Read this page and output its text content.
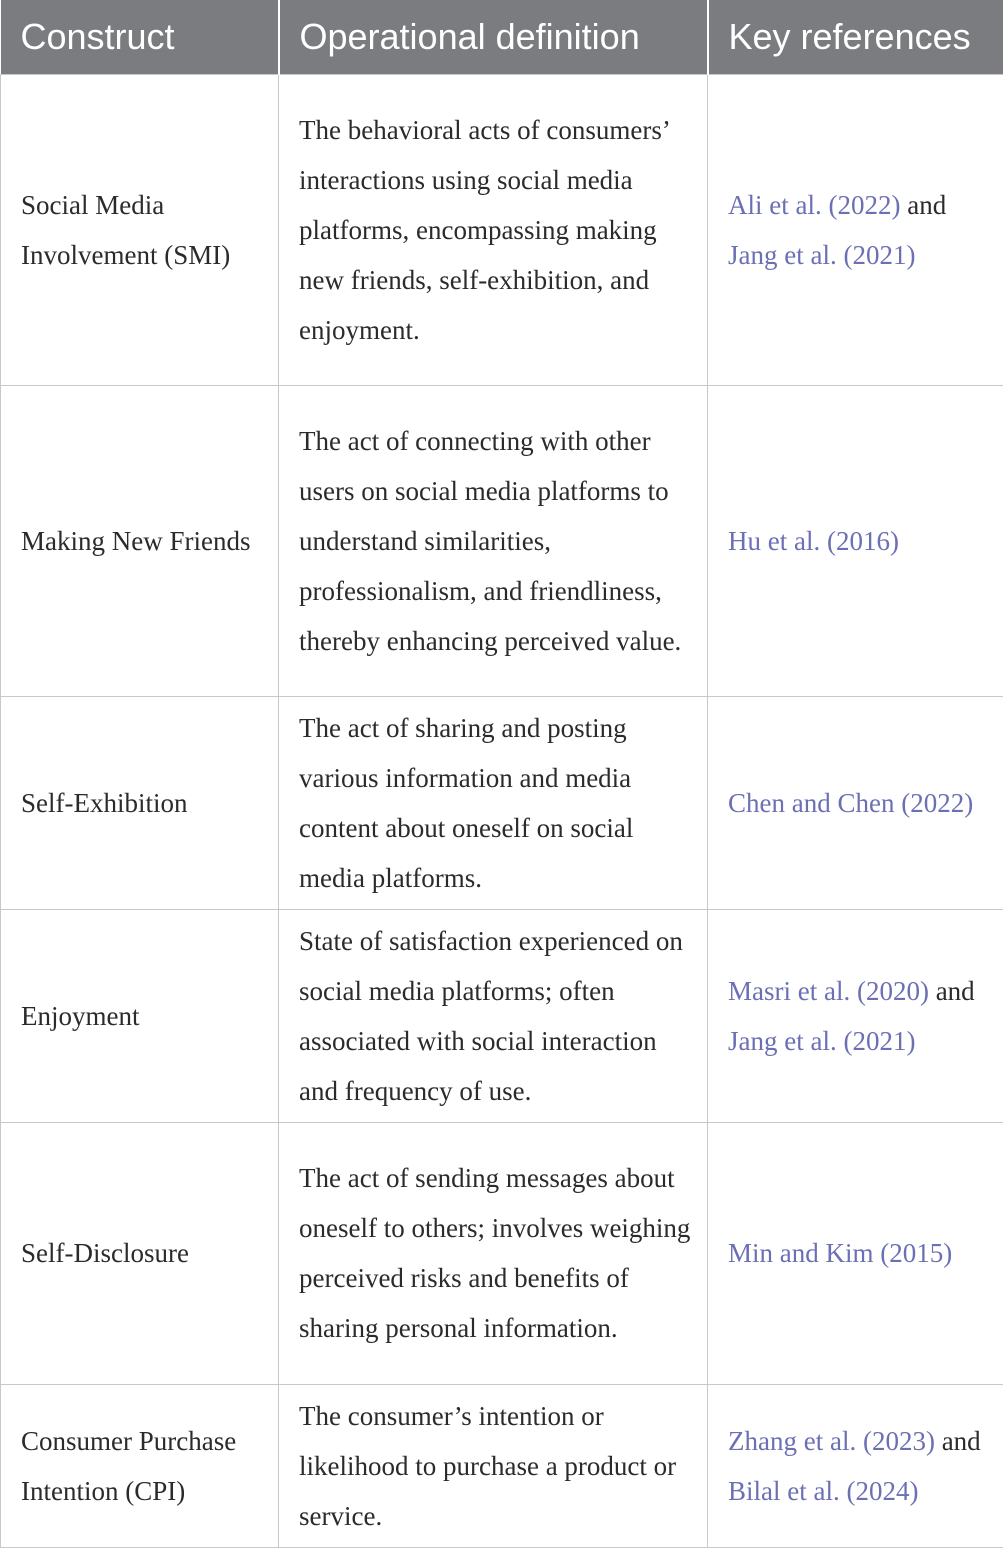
Construct	Operational definition	Key references
Social Media Involvement (SMI)	The behavioral acts of consumers’ interactions using social media platforms, encompassing making new friends, self-exhibition, and enjoyment.	Ali et al. (2022) and Jang et al. (2021)
Making New Friends	The act of connecting with other users on social media platforms to understand similarities, professionalism, and friendliness, thereby enhancing perceived value.	Hu et al. (2016)
Self-Exhibition	The act of sharing and posting various information and media content about oneself on social media platforms.	Chen and Chen (2022)
Enjoyment	State of satisfaction experienced on social media platforms; often associated with social interaction and frequency of use.	Masri et al. (2020) and Jang et al. (2021)
Self-Disclosure	The act of sending messages about oneself to others; involves weighing perceived risks and benefits of sharing personal information.	Min and Kim (2015)
Consumer Purchase Intention (CPI)	The consumer’s intention or likelihood to purchase a product or service.	Zhang et al. (2023) and Bilal et al. (2024)
